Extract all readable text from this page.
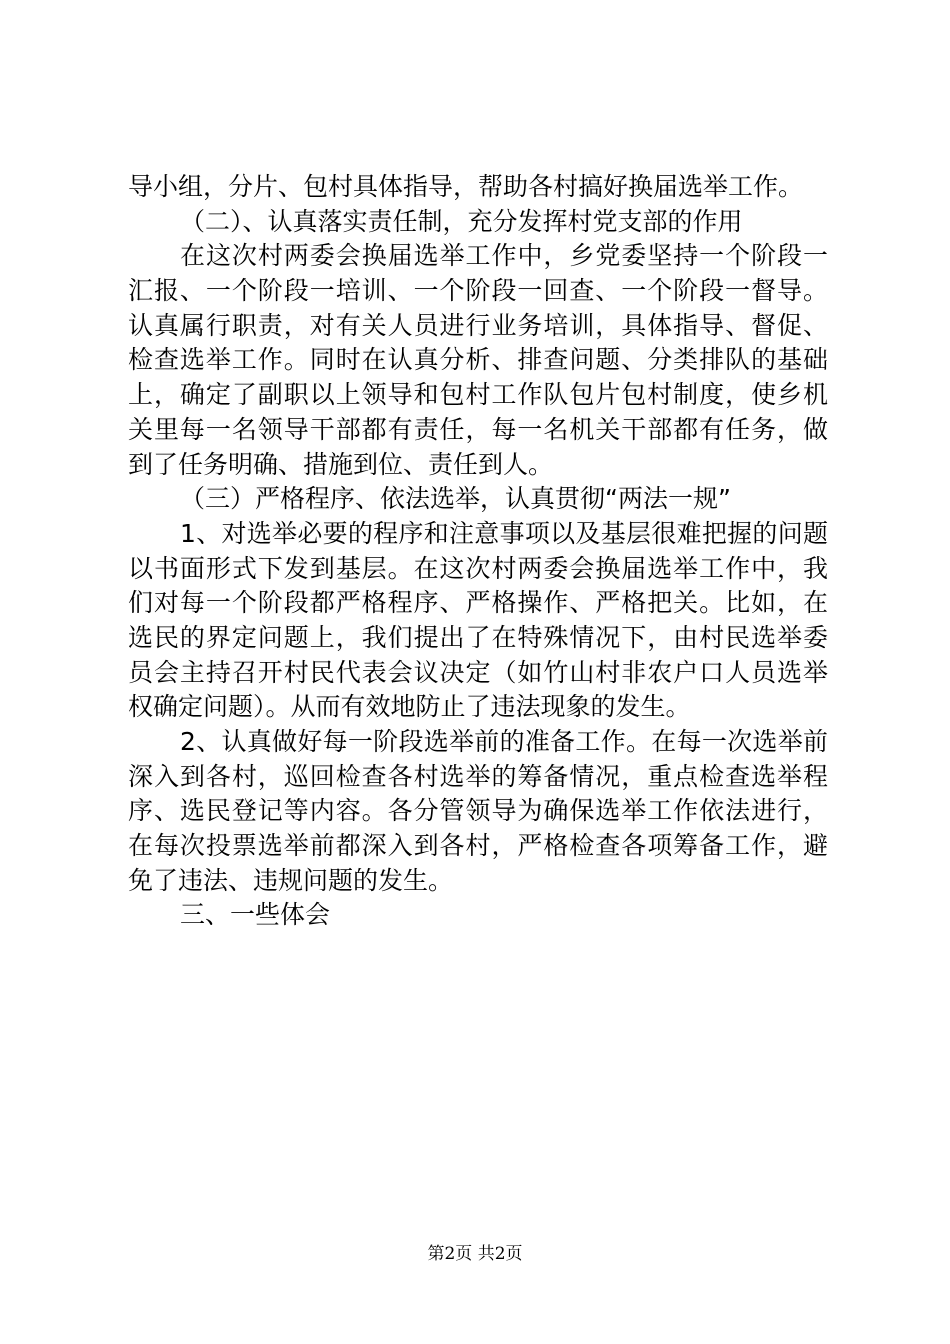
导小组，分片、包村具体指导，帮助各村搞好换届选举工作。
（二）、认真落实责任制，充分发挥村党支部的作用
在这次村两委会换届选举工作中，乡党委坚持一个阶段一
汇报、一个阶段一培训、一个阶段一回查、一个阶段一督导。
认真属行职责，对有关人员进行业务培训，具体指导、督促、
检查选举工作。同时在认真分析、排查问题、分类排队的基础
上，确定了副职以上领导和包村工作队包片包村制度，使乡机
关里每一名领导干部都有责任，每一名机关干部都有任务，做
到了任务明确、措施到位、责任到人。
（三）严格程序、依法选举，认真贯彻“两法一规”
1、对选举必要的程序和注意事项以及基层很难把握的问题
以书面形式下发到基层。在这次村两委会换届选举工作中，我
们对每一个阶段都严格程序、严格操作、严格把关。比如，在
选民的界定问题上，我们提出了在特殊情况下，由村民选举委
员会主持召开村民代表会议决定（如竹山村非农户口人员选举
权确定问题）。从而有效地防止了违法现象的发生。
2、认真做好每一阶段选举前的准备工作。在每一次选举前
深入到各村，巡回检查各村选举的筹备情况，重点检查选举程
序、选民登记等内容。各分管领导为确保选举工作依法进行，
在每次投票选举前都深入到各村，严格检查各项筹备工作，避
免了违法、违规问题的发生。
三、一些体会
第2页 共2页
